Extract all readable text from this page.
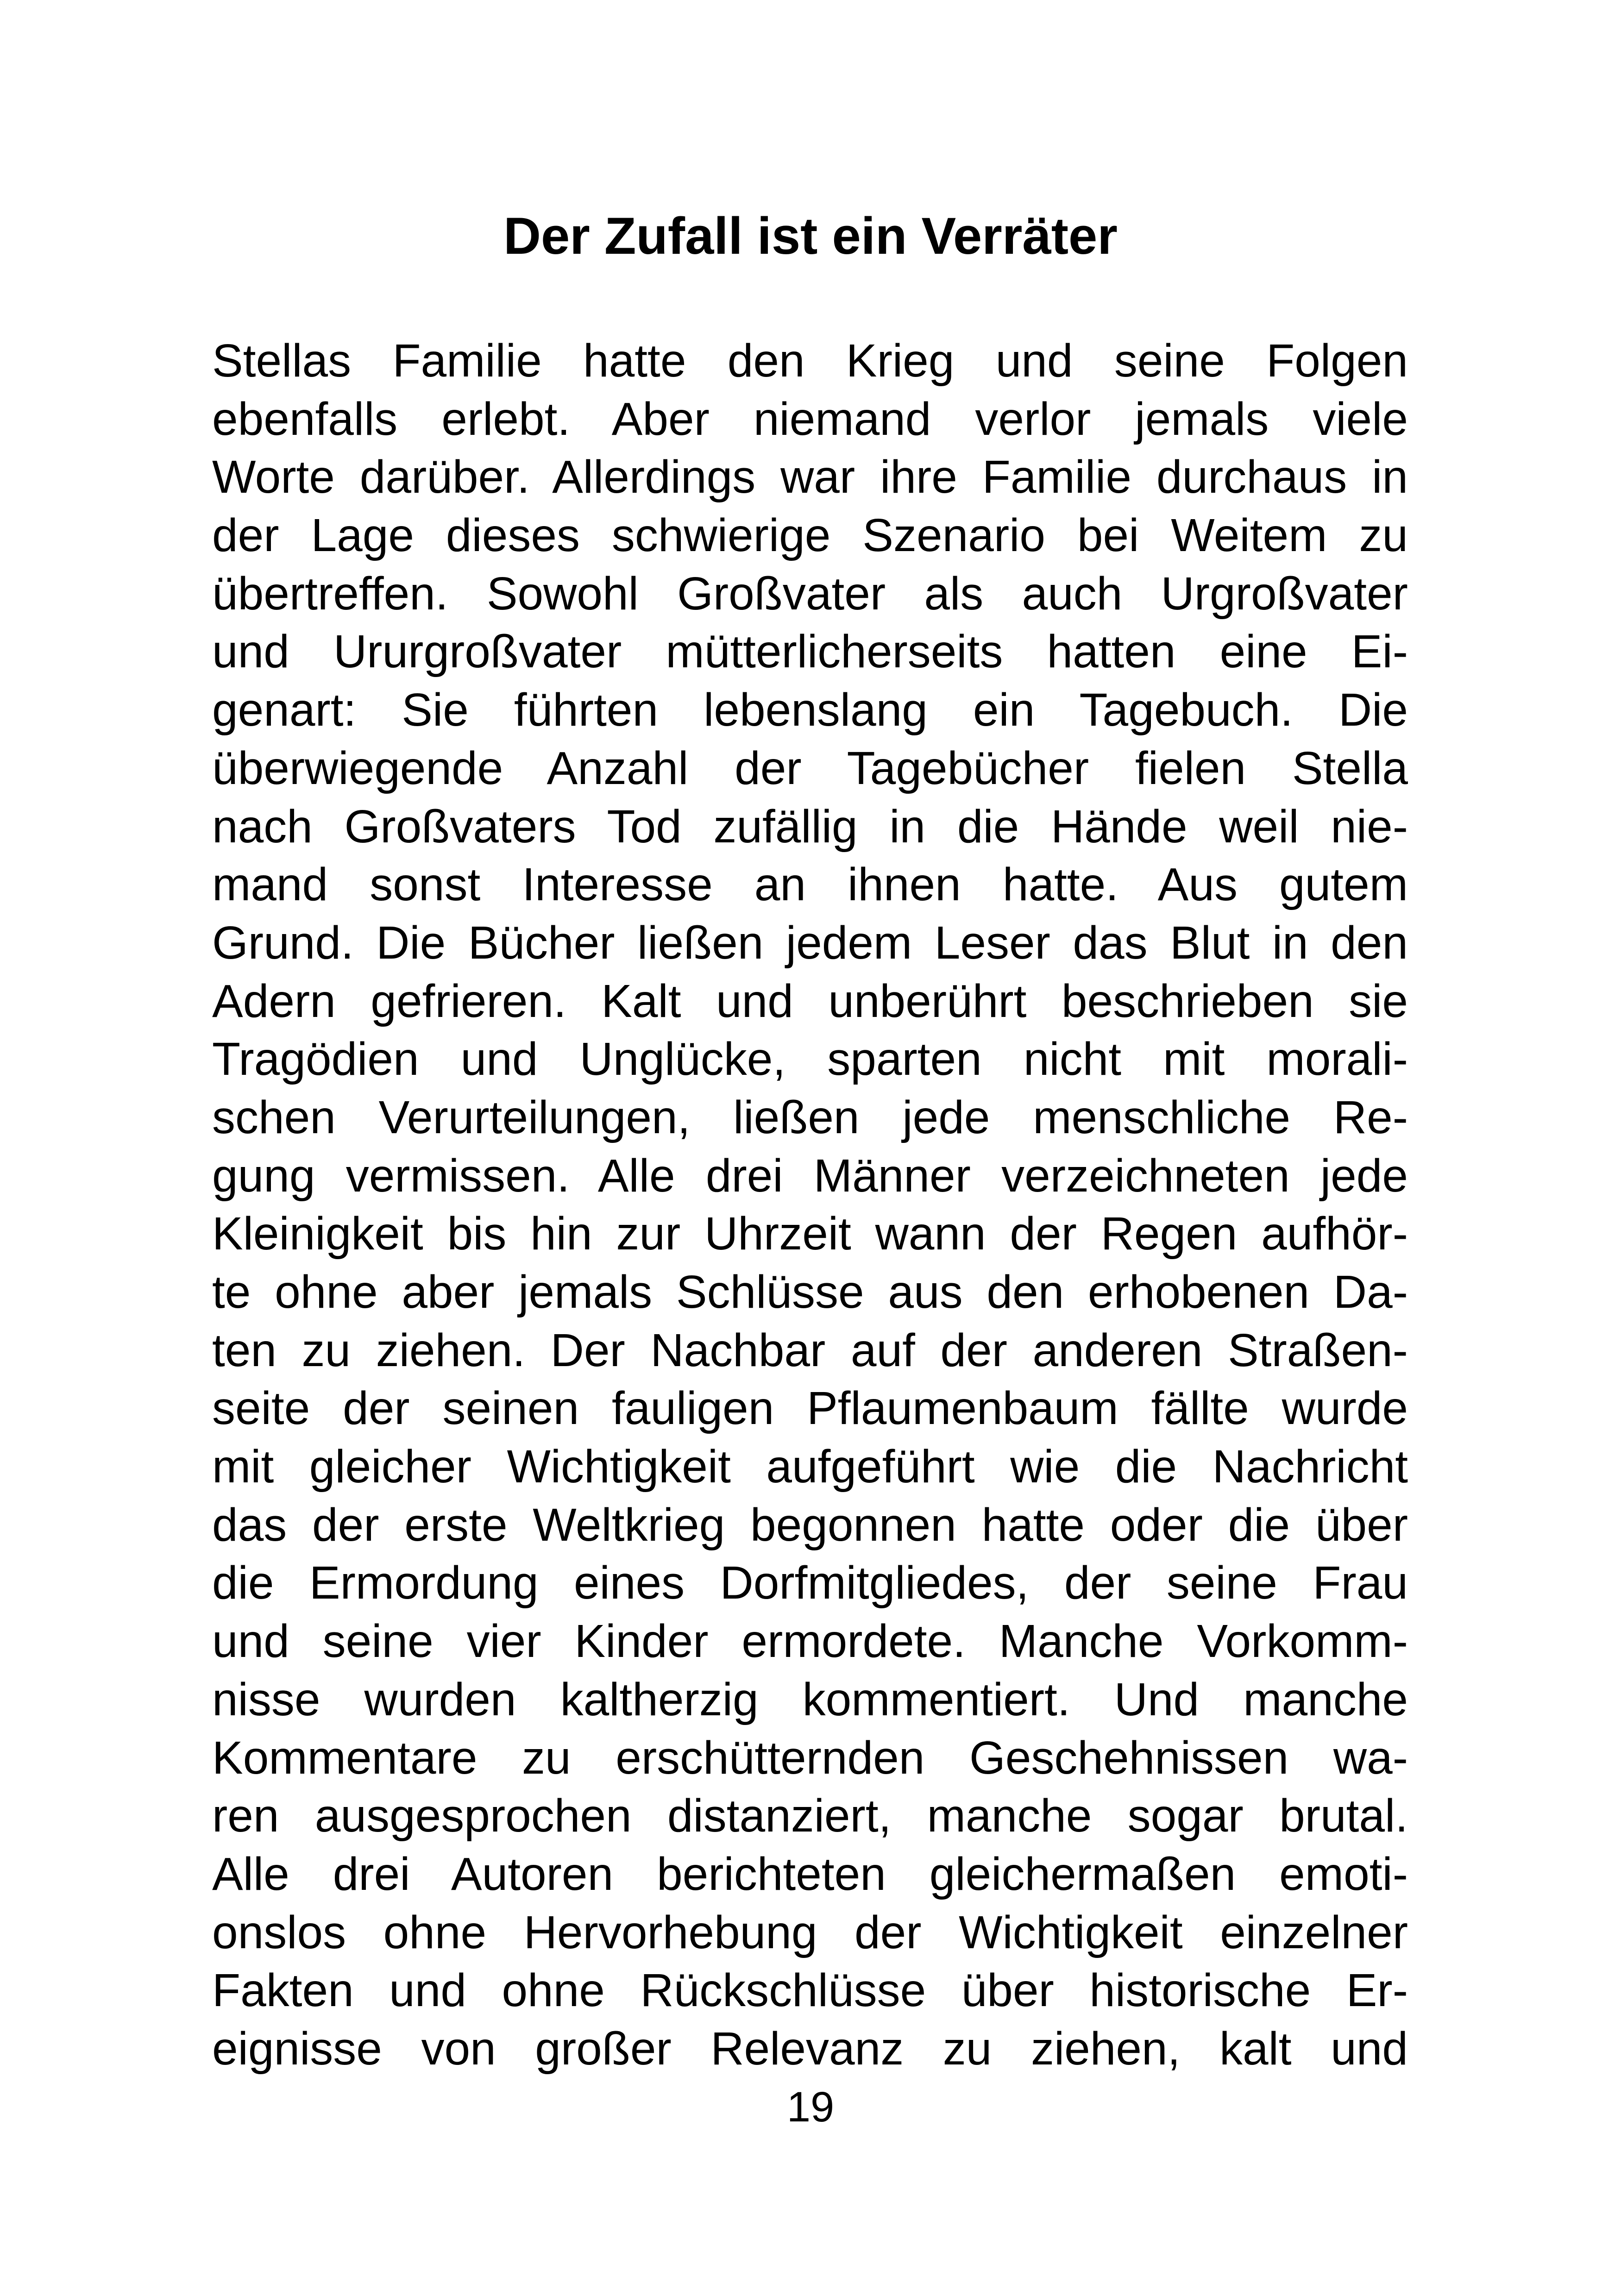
Der Zufall ist ein Verräter
Stellas Familie hatte den Krieg und seine Folgen
ebenfalls erlebt. Aber niemand verlor jemals viele
Worte darüber. Allerdings war ihre Familie durchaus in
der Lage dieses schwierige Szenario bei Weitem zu
übertreffen. Sowohl Großvater als auch Urgroßvater
und Ururgroßvater mütterlicherseits hatten eine Ei-
genart: Sie führten lebenslang ein Tagebuch. Die
überwiegende Anzahl der Tagebücher fielen Stella
nach Großvaters Tod zufällig in die Hände weil nie-
mand sonst Interesse an ihnen hatte. Aus gutem
Grund. Die Bücher ließen jedem Leser das Blut in den
Adern gefrieren. Kalt und unberührt beschrieben sie
Tragödien und Unglücke, sparten nicht mit morali-
schen Verurteilungen, ließen jede menschliche Re-
gung vermissen. Alle drei Männer verzeichneten jede
Kleinigkeit bis hin zur Uhrzeit wann der Regen aufhör-
te ohne aber jemals Schlüsse aus den erhobenen Da-
ten zu ziehen. Der Nachbar auf der anderen Straßen-
seite der seinen fauligen Pflaumenbaum fällte wurde
mit gleicher Wichtigkeit aufgeführt wie die Nachricht
das der erste Weltkrieg begonnen hatte oder die über
die Ermordung eines Dorfmitgliedes, der seine Frau
und seine vier Kinder ermordete. Manche Vorkomm-
nisse wurden kaltherzig kommentiert. Und manche
Kommentare zu erschütternden Geschehnissen wa-
ren ausgesprochen distanziert, manche sogar brutal.
Alle drei Autoren berichteten gleichermaßen emoti-
onslos ohne Hervorhebung der Wichtigkeit einzelner
Fakten und ohne Rückschlüsse über historische Er-
eignisse von großer Relevanz zu ziehen, kalt und
19
